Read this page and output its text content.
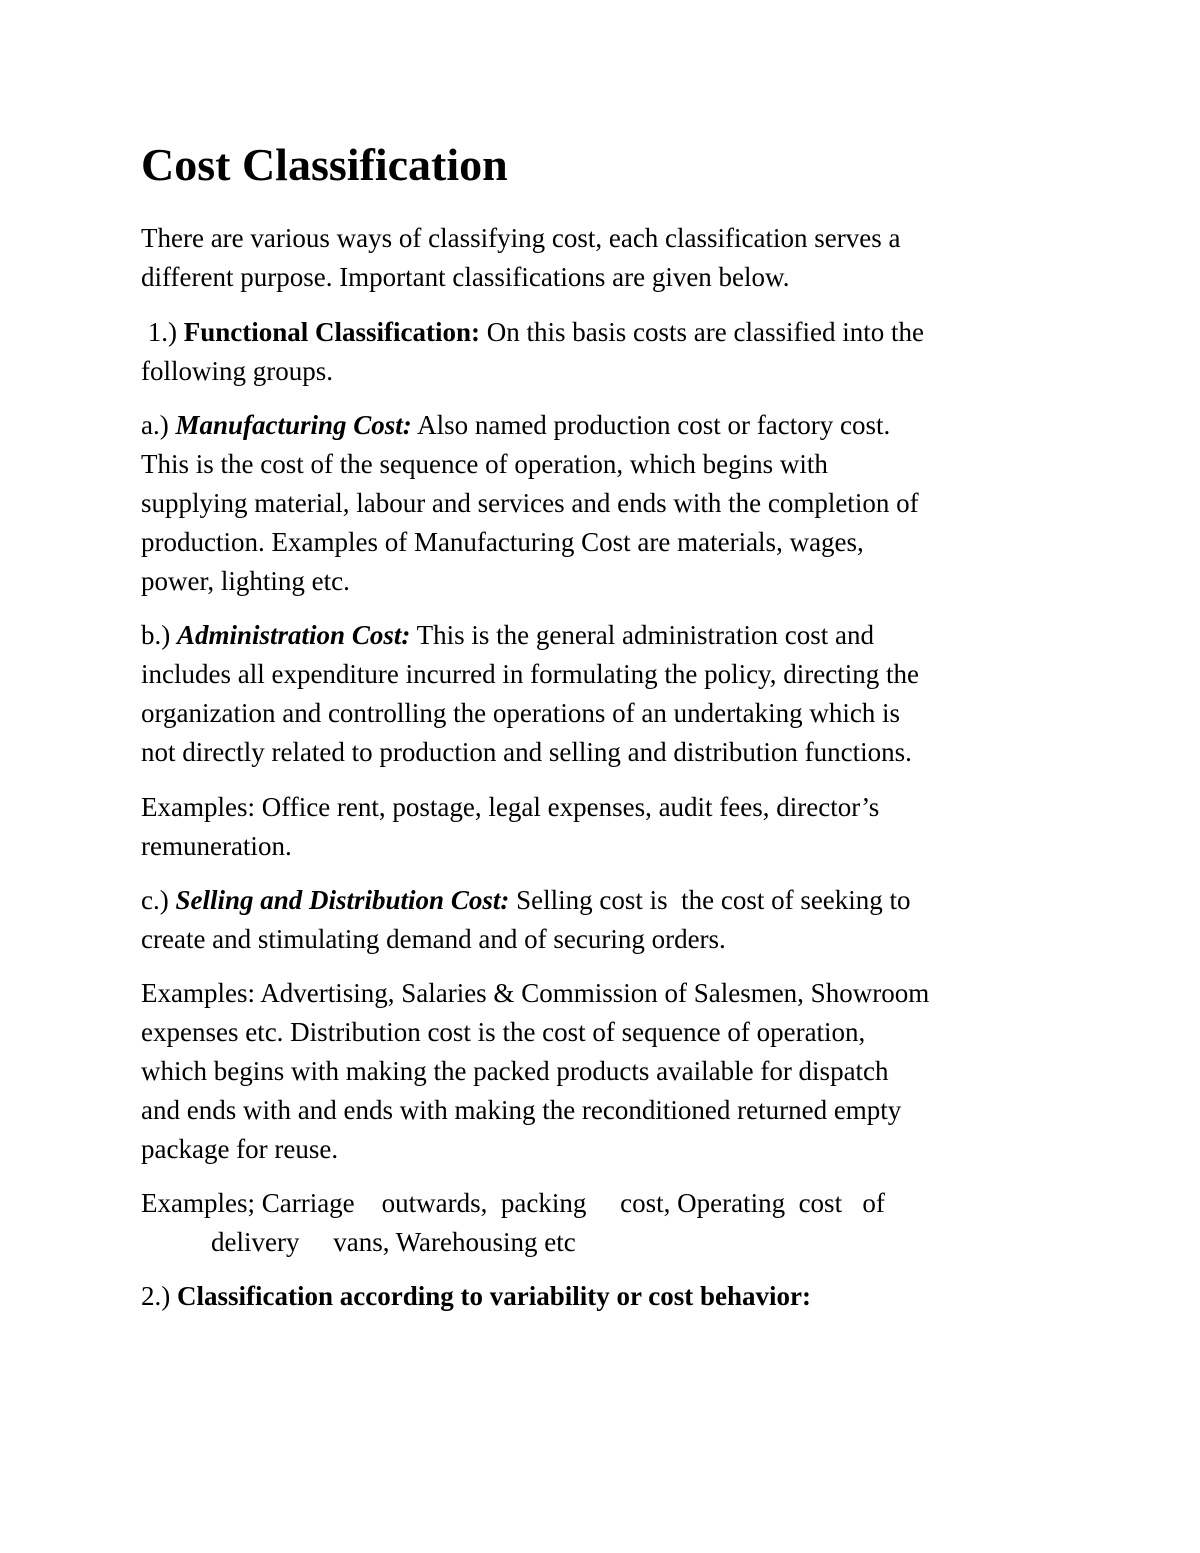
Cost Classification

There are various ways of classifying cost, each classification serves a
different purpose. Important classifications are given below.

1.) Functional Classification: On this basis costs are classified into the
following groups.

a.) Manufacturing Cost: Also named production cost or factory cost.
This is the cost of the sequence of operation, which begins with
supplying material, labour and services and ends with the completion of
production. Examples of Manufacturing Cost are materials, wages,
power, lighting etc.

b.) Administration Cost: This is the general administration cost and
includes all expenditure incurred in formulating the policy, directing the
organization and controlling the operations of an undertaking which is
not directly related to production and selling and distribution functions.

Examples: Office rent, postage, legal expenses, audit fees, director’s
remuneration.

c.) Selling and Distribution Cost: Selling cost is  the cost of seeking to
create and stimulating demand and of securing orders.

Examples: Advertising, Salaries & Commission of Salesmen, Showroom
expenses etc. Distribution cost is the cost of sequence of operation,
which begins with making the packed products available for dispatch
and ends with and ends with making the reconditioned returned empty
package for reuse.

Examples; Carriage    outwards,  packing     cost, Operating  cost   of
delivery     vans, Warehousing etc

2.) Classification according to variability or cost behavior:
